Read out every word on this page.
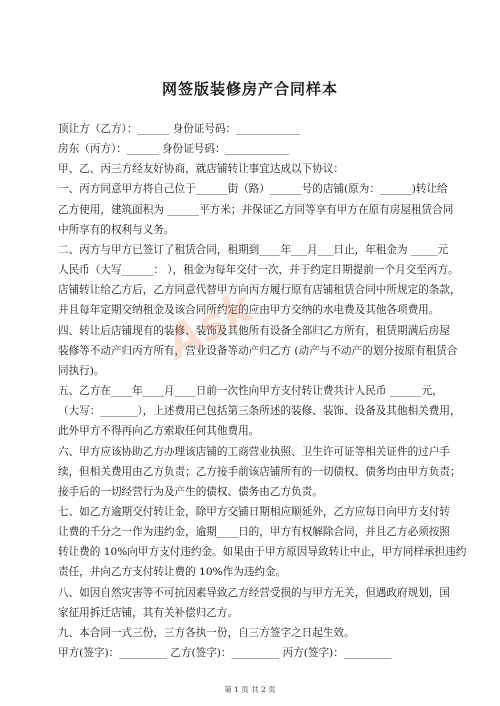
网签版装修房产合同样本

顶让方（乙方）：______ 身份证号码：____________

房东（丙方）：______ 身份证号码：____________

甲、乙、丙三方经友好协商，就店铺转让事宜达成以下协议：

一、丙方同意甲方将自己位于______街（路）______号的店铺(原为：______)转让给

乙方使用，建筑面积为 ______平方米；并保证乙方同等享有甲方在原有房屋租赁合同

中所享有的权利与义务。

二、丙方与甲方已签订了租赁合同，租期到____年___月___日止，年租金为 _____元

人民币（大写______： ），租金为每年交付一次，并于约定日期提前一个月交至丙方。

店铺转让给乙方后，乙方同意代替甲方向丙方履行原有店铺租赁合同中所规定的条款，

并且每年定期交纳租金及该合同所约定的应由甲方交纳的水电费及其他各项费用。

四、转让后店铺现有的装修、装饰及其他所有设备全部归乙方所有，租赁期满后房屋

装修等不动产归丙方所有，营业设备等动产归乙方 (动产与不动产的划分按原有租赁合

同执行)。

五、乙方在____年____月____日前一次性向甲方支付转让费共计人民币 ______元，

（大写：_______），上述费用已包括第三条所述的装修、装饰、设备及其他相关费用，

此外甲方不得再向乙方索取任何其他费用。

六、甲方应该协助乙方办理该店铺的工商营业执照、卫生许可证等相关证件的过户手

续，但相关费用由乙方负责；乙方接手前该店铺所有的一切债权、债务均由甲方负责；

接手后的一切经营行为及产生的债权、债务由乙方负责。

七、如乙方逾期交付转让金，除甲方交铺日期相应顺延外，乙方应每日向甲方支付转

让费的千分之一作为违约金，逾期____日的，甲方有权解除合同，并且乙方必须按照

转让费的 10%向甲方支付违约金。如果由于甲方原因导致转让中止，甲方同样承担违约

责任，并向乙方支付转让费的 10%作为违约金。

八、如因自然灾害等不可抗因素导致乙方经营受损的与甲方无关，但遇政府规划，国

家征用拆迁店铺，其有关补偿归乙方。

九、本合同一式三份，三方各执一份，自三方签字之日起生效。

甲方(签字)：_________ 乙方(签字)：_________ 丙方(签字)：_________

Ask
第 1 页 共 2 页
